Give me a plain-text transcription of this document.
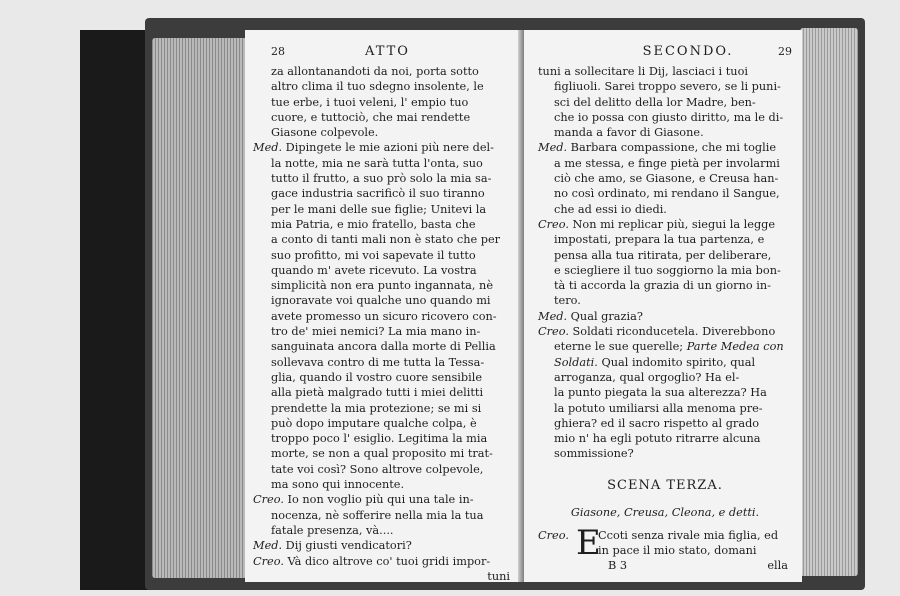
28	ATTO
za allontanandoti da noi, porta sotto
altro clima il tuo sdegno insolente, le
tue erbe, i tuoi veleni, l' empio tuo
cuore, e tuttociò, che mai rendette
Giasone colpevole.
Med. Dipingete le mie azioni più nere del-
la notte, mia ne sarà tutta l'onta, suo
tutto il frutto, a suo prò solo la mia sa-
gace industria sacrificò il suo tiranno
per le mani delle sue figlie; Unitevi la
mia Patria, e mio fratello, basta che
a conto di tanti mali non è stato che per
suo profitto, mi voi sapevate il tutto
quando m' avete ricevuto. La vostra
simplicità non era punto ingannata, nè
ignoravate voi qualche uno quando mi
avete promesso un sicuro ricovero con-
tro de' miei nemici? La mia mano in-
sanguinata ancora dalla morte di Pellia
sollevava contro di me tutta la Tessa-
glia, quando il vostro cuore sensibile
alla pietà malgrado tutti i miei delitti
prendette la mia protezione; se mi si
può dopo imputare qualche colpa, è
troppo poco l' esiglio. Legitima la mia
morte, se non a qual proposito mi trat-
tate voi così? Sono altrove colpevole,
ma sono qui innocente.
Creo. Io non voglio più qui una tale in-
nocenza, nè sofferire nella mia la tua
fatale presenza, và....
Med. Dij giusti vendicatori?
Creo. Và dico altrove co' tuoi gridi impor-
tuni
SECONDO.	29
tuni a sollecitare li Dij, lasciaci i tuoi
figliuoli. Sarei troppo severo, se li puni-
sci del delitto della lor Madre, ben-
che io possa con giusto diritto, ma le di-
manda a favor di Giasone.
Med. Barbara compassione, che mi toglie
a me stessa, e finge pietà per involarmi
ciò che amo, se Giasone, e Creusa han-
no così ordinato, mi rendano il Sangue,
che ad essi io diedi.
Creo. Non mi replicar più, siegui la legge
impostati, prepara la tua partenza, e
pensa alla tua ritirata, per deliberare,
e sciegliere il tuo soggiorno la mia bon-
tà ti accorda la grazia di un giorno in-
tero.
Med. Qual grazia?
Creo. Soldati riconducetela. Diverebbono
eterne le sue querelle; Parte Medea con
Soldati. Qual indomito spirito, qual
arroganza, qual orgoglio? Ha el-
la punto piegata la sua alterezza? Ha
la potuto umiliarsi alla menoma pre-
ghiera? ed il sacro rispetto al grado
mio n' ha egli potuto ritrarre alcuna
sommissione?
SCENA TERZA.
Giasone, Creusa, Cleona, e detti.
Creo. E
Ccoti senza rivale mia figlia, ed
in pace il mio stato, domani
B 3	ella
